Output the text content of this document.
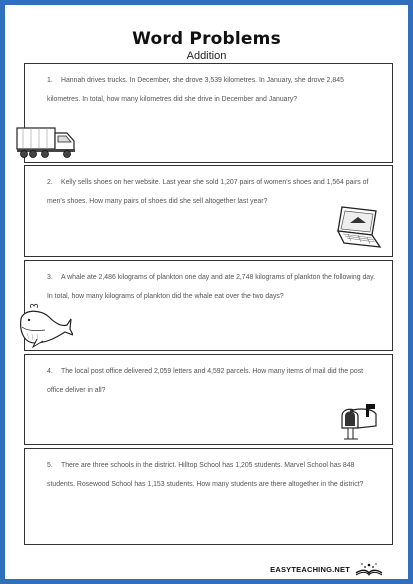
Word Problems
Addition
1. Hannah drives trucks. In December, she drove 3,539 kilometres. In January, she drove 2,845 kilometres. In total, how many kilometres did she drive in December and January?
2. Kelly sells shoes on her website. Last year she sold 1,207 pairs of women's shoes and 1,564 pairs of men's shoes. How many pairs of shoes did she sell altogether last year?
3. A whale ate 2,486 kilograms of plankton one day and ate 2,748 kilograms of plankton the following day. In total, how many kilograms of plankton did the whale eat over the two days?
4. The local post office delivered 2,059 letters and 4,592 parcels. How many items of mail did the post office deliver in all?
5. There are three schools in the district. Hilltop School has 1,205 students. Marvel School has 848 students. Rosewood School has 1,153 students. How many students are there altogether in the district?
EASYTEACHING.NET
